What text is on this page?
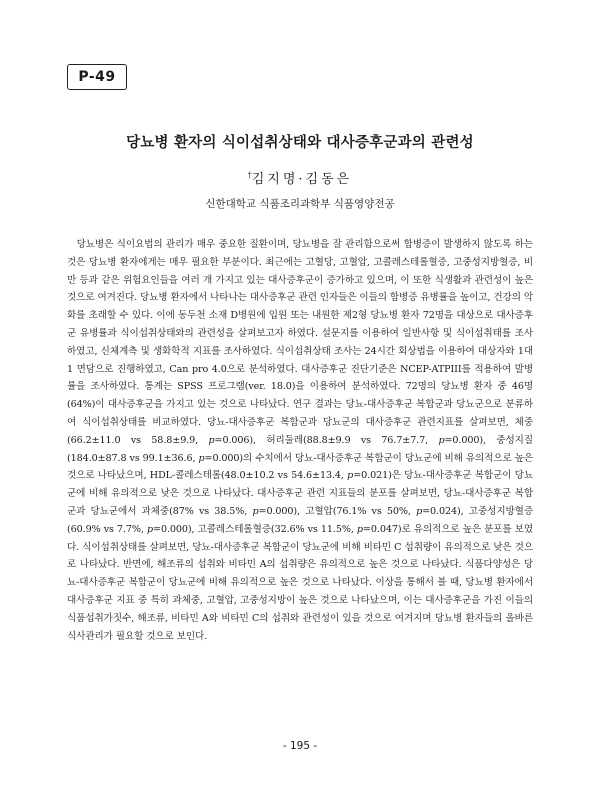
P-49
당뇨병 환자의 식이섭취상태와 대사증후군과의 관련성
†김지명·김동은
신한대학교 식품조리과학부 식품영양전공

당뇨병은 식이요법의 관리가 매우 중요한 질환이며, 당뇨병을 잘 관리함으로써 합병증이 발생하지 않도록 하는 것은 당뇨병 환자에게는 매우 필요한 부분이다. 최근에는 고혈당, 고혈압, 고콜레스테롤혈증, 고중성지방혈증, 비만 등과 같은 위험요인들을 여러 개 가지고 있는 대사증후군이 증가하고 있으며, 이 또한 식생활과 관련성이 높은 것으로 여겨진다. 당뇨병 환자에서 나타나는 대사증후군 관련 인자들은 이들의 합병증 유병률을 높이고, 건강의 악화를 초래할 수 있다. 이에 동두천 소재 D병원에 입원 또는 내원한 제2형 당뇨병 환자 72명을 대상으로 대사증후군 유병률과 식이섭취상태와의 관련성을 살펴보고자 하였다. 설문지를 이용하여 일반사항 및 식이섭취태를 조사하였고, 신체계측 및 생화학적 지표를 조사하였다. 식이섭취상태 조사는 24시간 회상법을 이용하여 대상자와 1대1 면담으로 진행하였고, Can pro 4.0으로 분석하였다. 대사증후군 진단기준은 NCEP-ATPIII를 적용하여 발병률을 조사하였다. 통계는 SPSS 프로그램(ver. 18.0)을 이용하여 분석하였다. 72명의 당뇨병 환자 중 46명(64%)이 대사증후군을 가지고 있는 것으로 나타났다. 연구 결과는 당뇨-대사증후군 복합군과 당뇨군으로 분류하여 식이섭취상태를 비교하였다. 당뇨-대사증후군 복합군과 당뇨군의 대사증후군 관련지표를 살펴보면, 체중(66.2±11.0 vs 58.8±9.9, p=0.006), 허리둘레(88.8±9.9 vs 76.7±7.7, p=0.000), 중성지질(184.0±87.8 vs 99.1±36.6, p=0.000)의 수치에서 당뇨-대사증후군 복합군이 당뇨군에 비해 유의적으로 높은 것으로 나타났으며, HDL-콜레스테롤(48.0±10.2 vs 54.6±13.4, p=0.021)은 당뇨-대사증후군 복합군이 당뇨군에 비해 유의적으로 낮은 것으로 나타났다. 대사증후군 관련 지표들의 분포를 살펴보면, 당뇨-대사증후군 복합군과 당뇨군에서 과체중(87% vs 38.5%, p=0.000), 고혈압(76.1% vs 50%, p=0.024), 고중성지방혈증(60.9% vs 7.7%, p=0.000), 고콜레스테롤혈증(32.6% vs 11.5%, p=0.047)로 유의적으로 높은 분포를 보였다. 식이섭취상태를 살펴보면, 당뇨-대사증후군 복합군이 당뇨군에 비해 비타민 C 섭취량이 유의적으로 낮은 것으로 나타났다. 반면에, 해조류의 섭취와 비타민 A의 섭취량은 유의적으로 높은 것으로 나타났다. 식품다양성은 당뇨-대사증후군 복합군이 당뇨군에 비해 유의적으로 높은 것으로 나타났다. 이상을 통해서 볼 때, 당뇨병 환자에서 대사증후군 지표 중 특히 과체중, 고혈압, 고중성지방이 높은 것으로 나타났으며, 이는 대사증후군을 가진 이들의 식품섭취가짓수, 해조류, 비타민 A와 비타민 C의 섭취와 관련성이 있을 것으로 여겨지며 당뇨병 환자들의 올바른 식사관리가 필요할 것으로 보인다.

- 195 -
